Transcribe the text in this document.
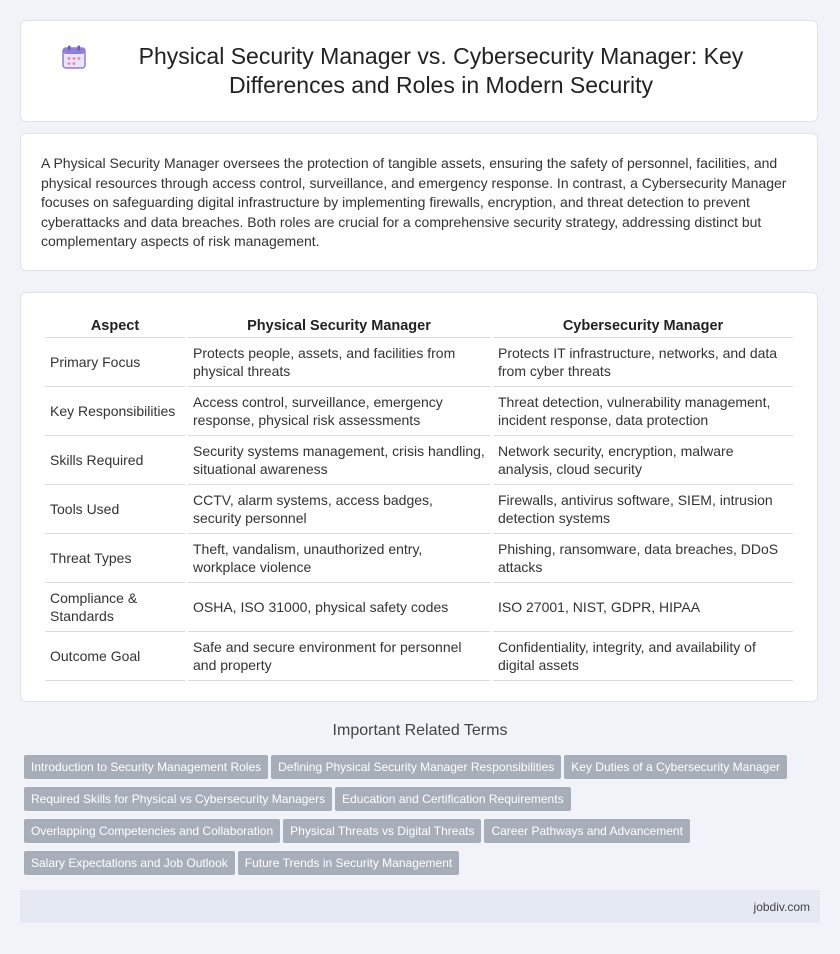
Physical Security Manager vs. Cybersecurity Manager: Key Differences and Roles in Modern Security

A Physical Security Manager oversees the protection of tangible assets, ensuring the safety of personnel, facilities, and physical resources through access control, surveillance, and emergency response. In contrast, a Cybersecurity Manager focuses on safeguarding digital infrastructure by implementing firewalls, encryption, and threat detection to prevent cyberattacks and data breaches. Both roles are crucial for a comprehensive security strategy, addressing distinct but complementary aspects of risk management.

Aspect	Physical Security Manager	Cybersecurity Manager
Primary Focus	Protects people, assets, and facilities from physical threats	Protects IT infrastructure, networks, and data from cyber threats
Key Responsibilities	Access control, surveillance, emergency response, physical risk assessments	Threat detection, vulnerability management, incident response, data protection
Skills Required	Security systems management, crisis handling, situational awareness	Network security, encryption, malware analysis, cloud security
Tools Used	CCTV, alarm systems, access badges, security personnel	Firewalls, antivirus software, SIEM, intrusion detection systems
Threat Types	Theft, vandalism, unauthorized entry, workplace violence	Phishing, ransomware, data breaches, DDoS attacks
Compliance & Standards	OSHA, ISO 31000, physical safety codes	ISO 27001, NIST, GDPR, HIPAA
Outcome Goal	Safe and secure environment for personnel and property	Confidentiality, integrity, and availability of digital assets
Important Related Terms
Introduction to Security Management Roles Defining Physical Security Manager Responsibilities Key Duties of a Cybersecurity Manager
Required Skills for Physical vs Cybersecurity Managers Education and Certification Requirements
Overlapping Competencies and Collaboration Physical Threats vs Digital Threats Career Pathways and Advancement
Salary Expectations and Job Outlook Future Trends in Security Management
jobdiv.com
